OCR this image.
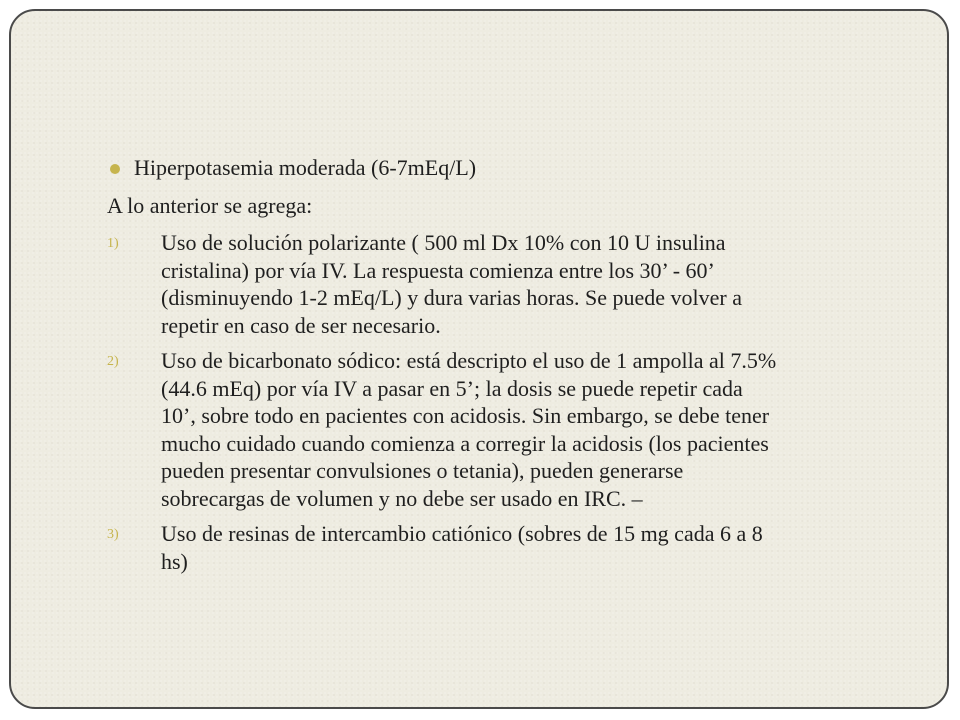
Hiperpotasemia moderada (6-7mEq/L)
A lo anterior se agrega:
1) Uso de solución polarizante ( 500 ml Dx 10% con 10 U insulina
cristalina) por vía IV. La respuesta comienza entre los 30’ - 60’
(disminuyendo 1-2 mEq/L) y dura varias horas. Se puede volver a
repetir en caso de ser necesario.
2) Uso de bicarbonato sódico: está descripto el uso de 1 ampolla al 7.5%
(44.6 mEq) por vía IV a pasar en 5’; la dosis se puede repetir cada
10’, sobre todo en pacientes con acidosis. Sin embargo, se debe tener
mucho cuidado cuando comienza a corregir la acidosis (los pacientes
pueden presentar convulsiones o tetania), pueden generarse
sobrecargas de volumen y no debe ser usado en IRC. –
3) Uso de resinas de intercambio catiónico (sobres de 15 mg cada 6 a 8
hs)
